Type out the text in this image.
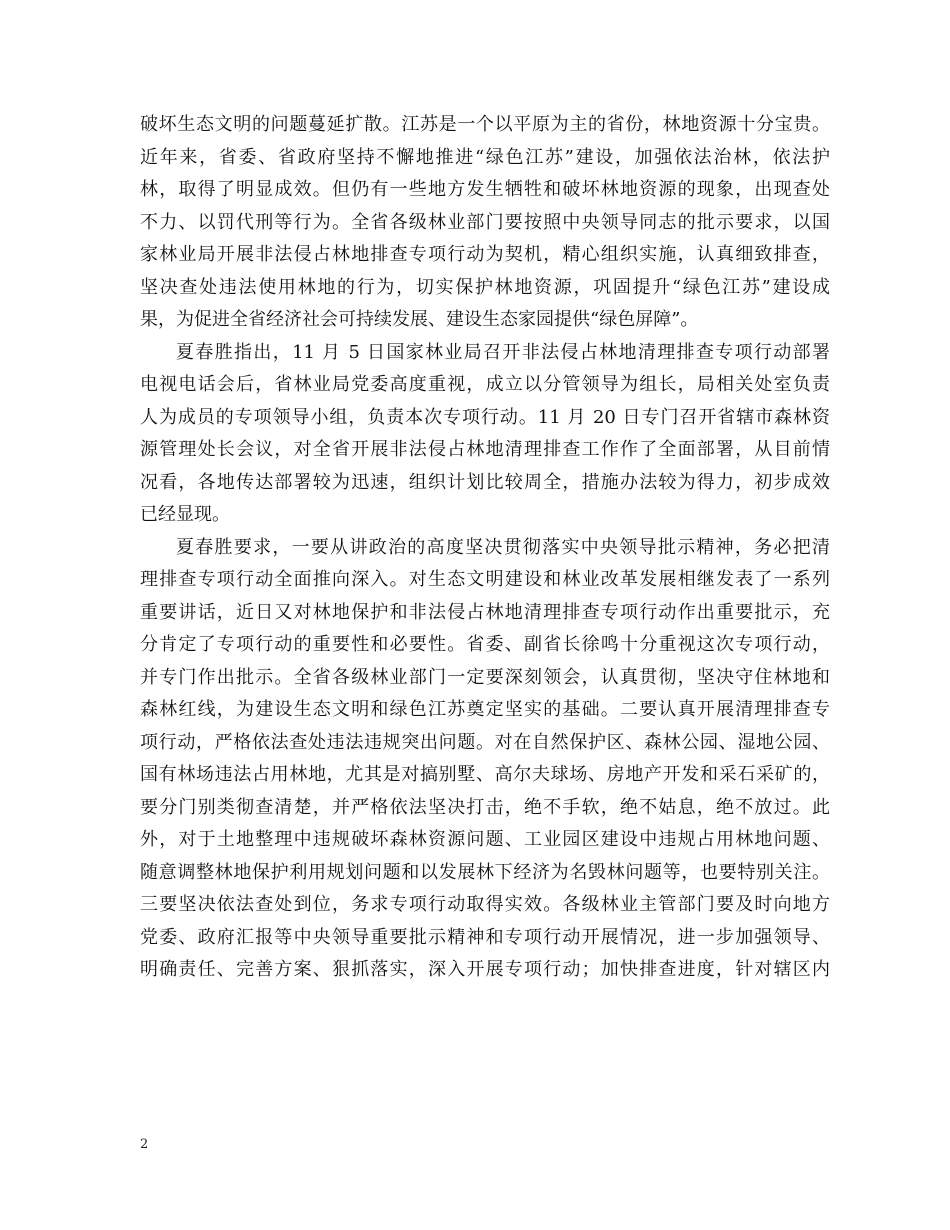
破坏生态文明的问题蔓延扩散。江苏是一个以平原为主的省份，林地资源十分宝贵。
近年来，省委、省政府坚持不懈地推进“绿色江苏”建设，加强依法治林，依法护
林，取得了明显成效。但仍有一些地方发生牺牲和破坏林地资源的现象，出现查处
不力、以罚代刑等行为。全省各级林业部门要按照中央领导同志的批示要求，以国
家林业局开展非法侵占林地排查专项行动为契机，精心组织实施，认真细致排查，
坚决查处违法使用林地的行为，切实保护林地资源，巩固提升“绿色江苏”建设成
果，为促进全省经济社会可持续发展、建设生态家园提供“绿色屏障”。
夏春胜指出，11 月 5 日国家林业局召开非法侵占林地清理排查专项行动部署
电视电话会后，省林业局党委高度重视，成立以分管领导为组长，局相关处室负责
人为成员的专项领导小组，负责本次专项行动。11 月 20 日专门召开省辖市森林资
源管理处长会议，对全省开展非法侵占林地清理排查工作作了全面部署，从目前情
况看，各地传达部署较为迅速，组织计划比较周全，措施办法较为得力，初步成效
已经显现。
夏春胜要求，一要从讲政治的高度坚决贯彻落实中央领导批示精神，务必把清
理排查专项行动全面推向深入。对生态文明建设和林业改革发展相继发表了一系列
重要讲话，近日又对林地保护和非法侵占林地清理排查专项行动作出重要批示，充
分肯定了专项行动的重要性和必要性。省委、副省长徐鸣十分重视这次专项行动，
并专门作出批示。全省各级林业部门一定要深刻领会，认真贯彻，坚决守住林地和
森林红线，为建设生态文明和绿色江苏奠定坚实的基础。二要认真开展清理排查专
项行动，严格依法查处违法违规突出问题。对在自然保护区、森林公园、湿地公园、
国有林场违法占用林地，尤其是对搞别墅、高尔夫球场、房地产开发和采石采矿的，
要分门别类彻查清楚，并严格依法坚决打击，绝不手软，绝不姑息，绝不放过。此
外，对于土地整理中违规破坏森林资源问题、工业园区建设中违规占用林地问题、
随意调整林地保护利用规划问题和以发展林下经济为名毁林问题等，也要特别关注。
三要坚决依法查处到位，务求专项行动取得实效。各级林业主管部门要及时向地方
党委、政府汇报等中央领导重要批示精神和专项行动开展情况，进一步加强领导、
明确责任、完善方案、狠抓落实，深入开展专项行动；加快排查进度，针对辖区内
2
